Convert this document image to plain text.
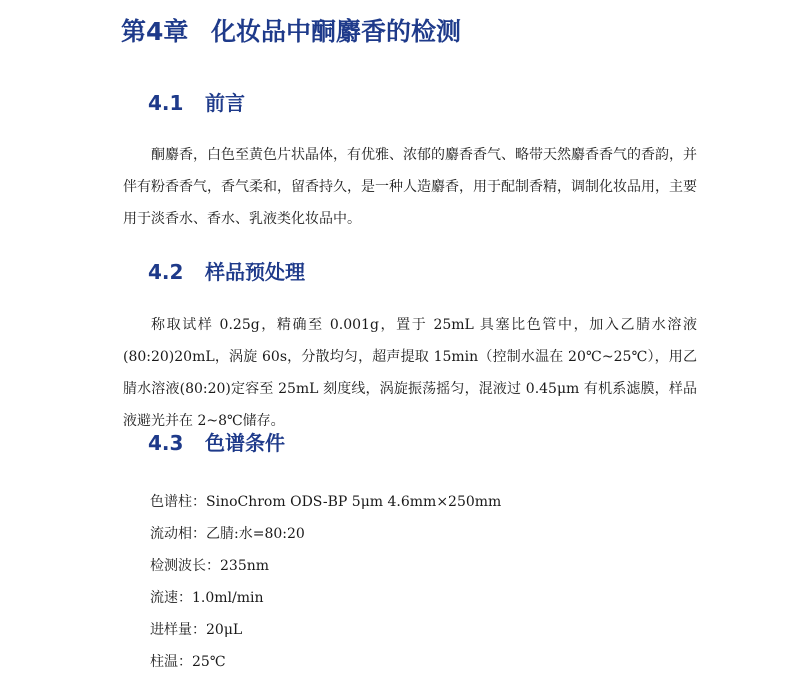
第4章 化妆品中酮麝香的检测
4.1 前言

酮麝香，白色至黄色片状晶体，有优雅、浓郁的麝香香气、略带天然麝香香气的香韵，并伴有粉香香气，香气柔和，留香持久，是一种人造麝香，用于配制香精，调制化妆品用，主要用于淡香水、香水、乳液类化妆品中。

4.2 样品预处理

称取试样 0.25g，精确至 0.001g，置于 25mL 具塞比色管中，加入乙腈水溶液(80:20)20mL，涡旋 60s，分散均匀，超声提取 15min（控制水温在 20℃~25℃），用乙腈水溶液(80:20)定容至 25mL 刻度线，涡旋振荡摇匀，混液过 0.45μm 有机系滤膜，样品液避光并在 2~8℃储存。

4.3 色谱条件
色谱柱：SinoChrom ODS-BP 5μm 4.6mm×250mm
流动相：乙腈:水=80:20
检测波长：235nm
流速：1.0ml/min
进样量：20μL
柱温：25℃
